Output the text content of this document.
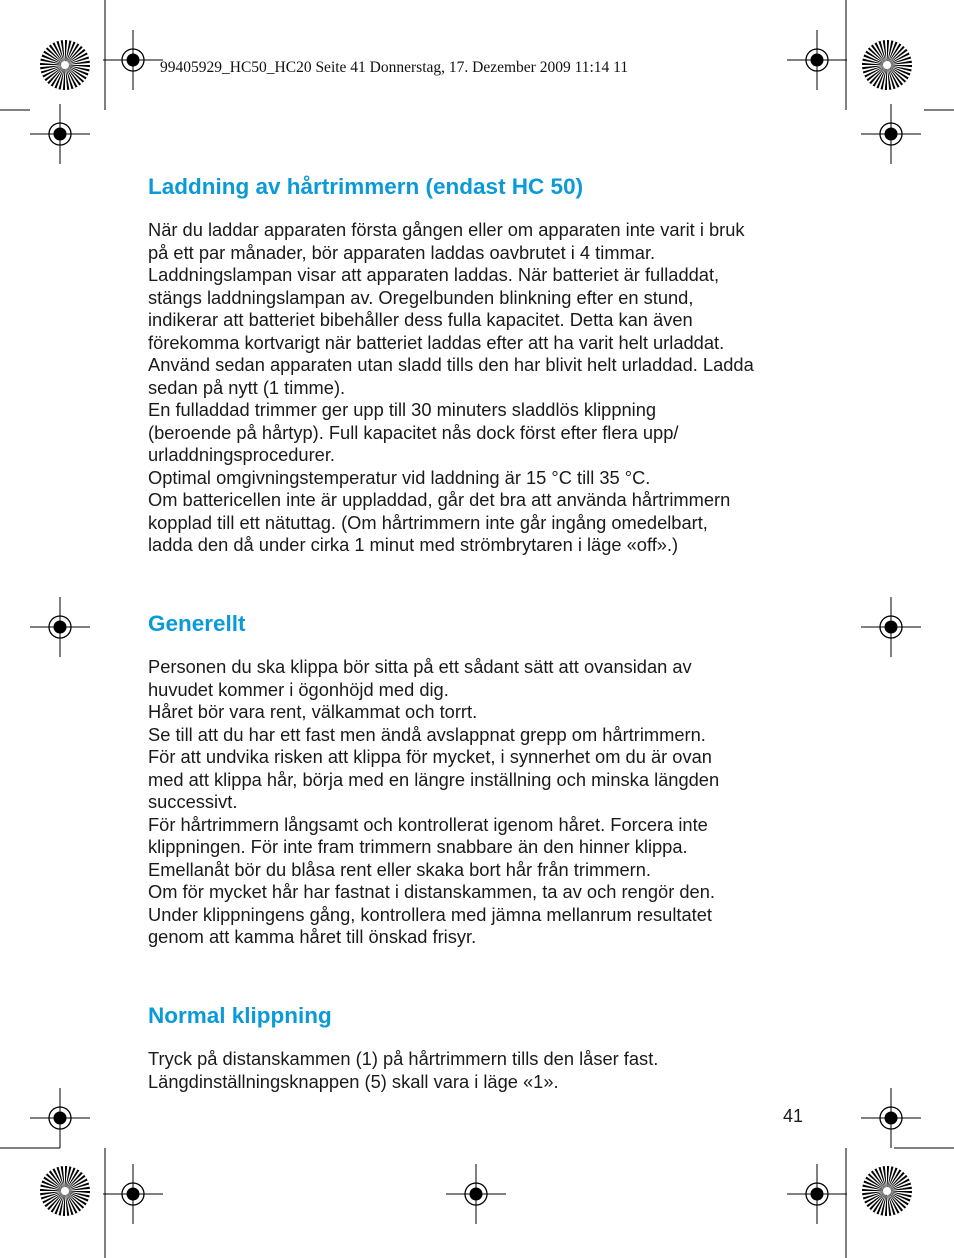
99405929_HC50_HC20 Seite 41 Donnerstag, 17. Dezember 2009 11:14 11
Laddning av hårtrimmern (endast HC 50)

När du laddar apparaten första gången eller om apparaten inte varit i bruk

på ett par månader, bör apparaten laddas oavbrutet i 4 timmar.

Laddningslampan visar att apparaten laddas. När batteriet är fulladdat,

stängs laddningslampan av. Oregelbunden blinkning efter en stund,

indikerar att batteriet bibehåller dess fulla kapacitet. Detta kan även

förekomma kortvarigt när batteriet laddas efter att ha varit helt urladdat.

Använd sedan apparaten utan sladd tills den har blivit helt urladdad. Ladda

sedan på nytt (1 timme).

En fulladdad trimmer ger upp till 30 minuters sladdlös klippning

(beroende på hårtyp). Full kapacitet nås dock först efter flera upp/

urladdningsprocedurer.

Optimal omgivningstemperatur vid laddning är 15 °C till 35 °C.

Om battericellen inte är uppladdad, går det bra att använda hårtrimmern

kopplad till ett nätuttag. (Om hårtrimmern inte går ingång omedelbart,

ladda den då under cirka 1 minut med strömbrytaren i läge «off».)

Generellt

Personen du ska klippa bör sitta på ett sådant sätt att ovansidan av

huvudet kommer i ögonhöjd med dig.

Håret bör vara rent, välkammat och torrt.

Se till att du har ett fast men ändå avslappnat grepp om hårtrimmern.

För att undvika risken att klippa för mycket, i synnerhet om du är ovan

med att klippa hår, börja med en längre inställning och minska längden

successivt.

För hårtrimmern långsamt och kontrollerat igenom håret. Forcera inte

klippningen. För inte fram trimmern snabbare än den hinner klippa.

Emellanåt bör du blåsa rent eller skaka bort hår från trimmern.

Om för mycket hår har fastnat i distanskammen, ta av och rengör den.

Under klippningens gång, kontrollera med jämna mellanrum resultatet

genom att kamma håret till önskad frisyr.

Normal klippning

Tryck på distanskammen (1) på hårtrimmern tills den låser fast.

Längdinställningsknappen (5) skall vara i läge «1».

41
